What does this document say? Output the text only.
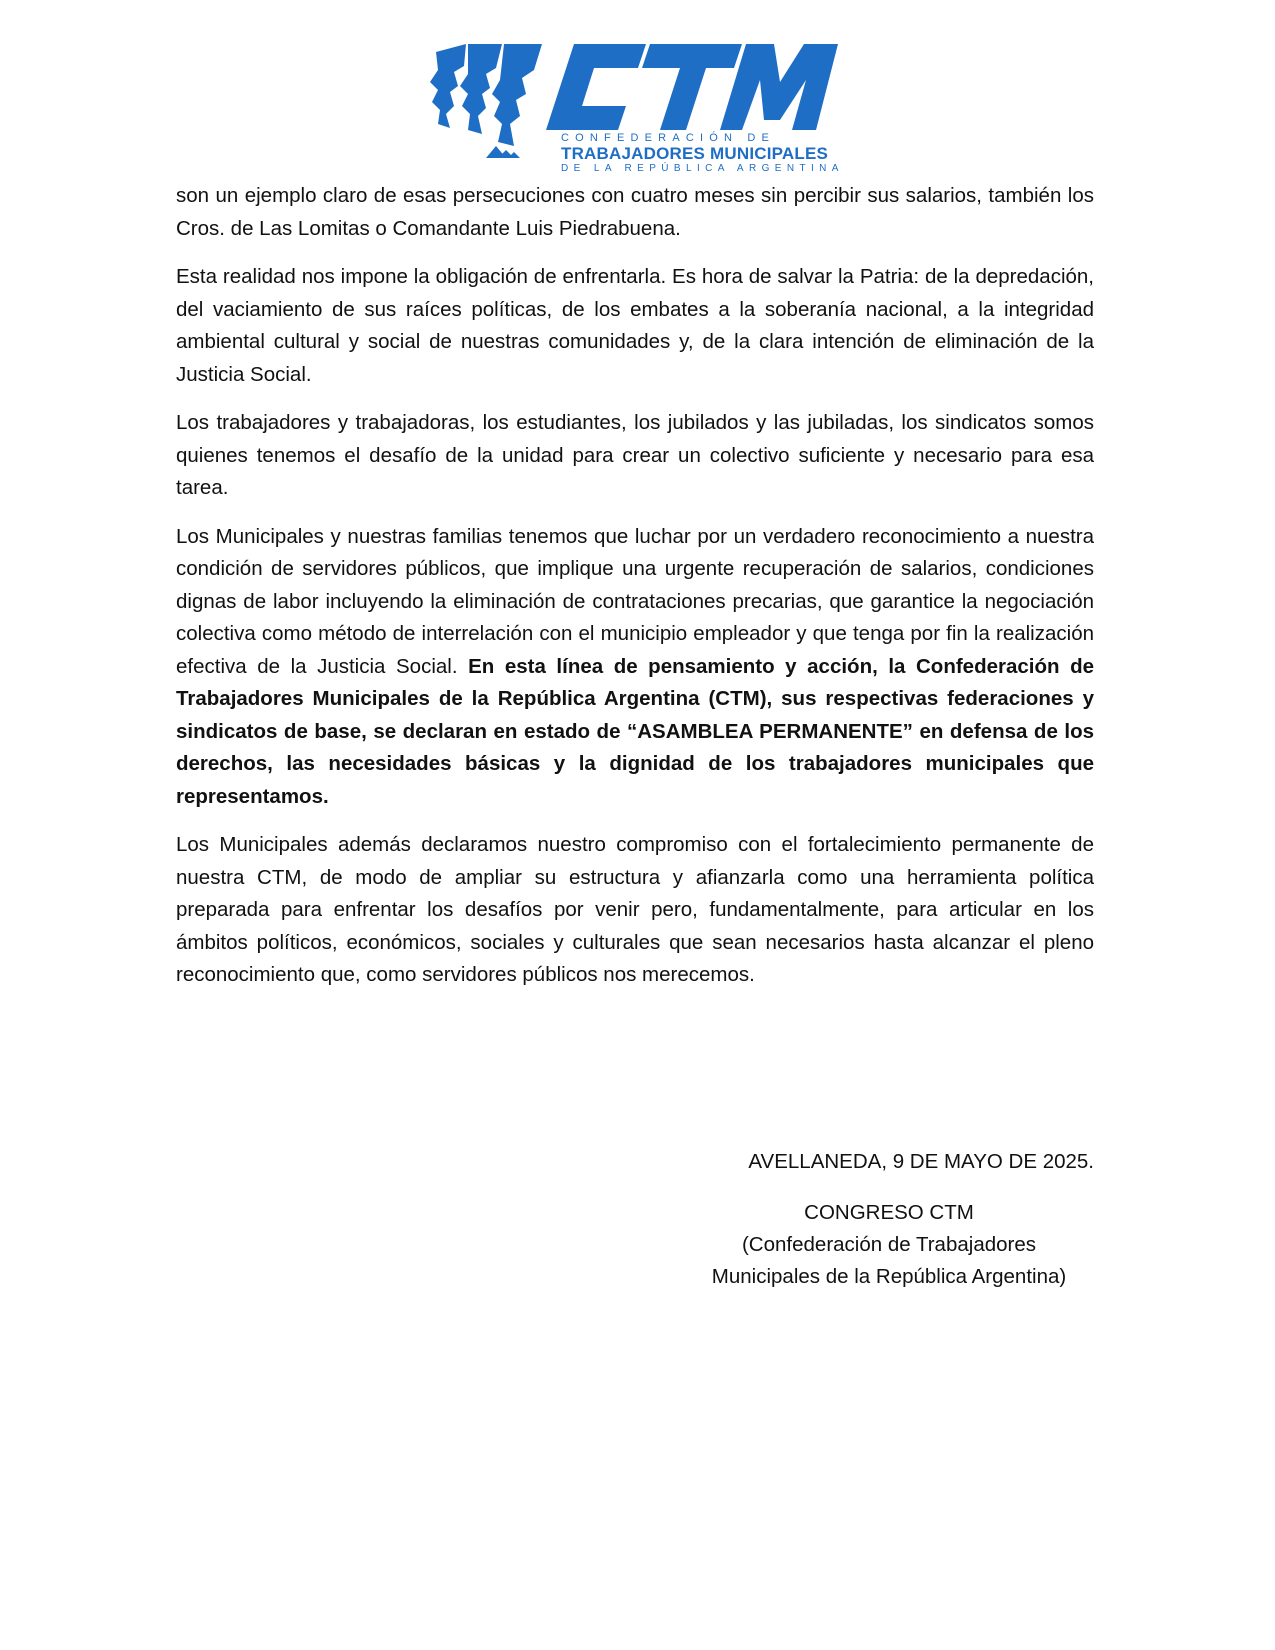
CONFEDERACIÓN DE
TRABAJADORES MUNICIPALES
DE LA REPÚBLICA ARGENTINA

son un ejemplo claro de esas persecuciones con cuatro meses sin percibir sus salarios, también los Cros. de Las Lomitas o Comandante Luis Piedrabuena.

Esta realidad nos impone la obligación de enfrentarla. Es hora de salvar la Patria: de la depredación, del vaciamiento de sus raíces políticas, de los embates a la soberanía nacional, a la integridad ambiental cultural y social de nuestras comunidades y, de la clara intención de eliminación de la Justicia Social.

Los trabajadores y trabajadoras, los estudiantes, los jubilados y las jubiladas, los sindicatos somos quienes tenemos el desafío de la unidad para crear un colectivo suficiente y necesario para esa tarea.

Los Municipales y nuestras familias tenemos que luchar por un verdadero reconocimiento a nuestra condición de servidores públicos, que implique una urgente recuperación de salarios, condiciones dignas de labor incluyendo la eliminación de contrataciones precarias, que garantice la negociación colectiva como método de interrelación con el municipio empleador y que tenga por fin la realización efectiva de la Justicia Social. En esta línea de pensamiento y acción, la Confederación de Trabajadores Municipales de la República Argentina (CTM), sus respectivas federaciones y sindicatos de base, se declaran en estado de “ASAMBLEA PERMANENTE” en defensa de los derechos, las necesidades básicas y la dignidad de los trabajadores municipales que representamos.

Los Municipales además declaramos nuestro compromiso con el fortalecimiento permanente de nuestra CTM, de modo de ampliar su estructura y afianzarla como una herramienta política preparada para enfrentar los desafíos por venir pero, fundamentalmente, para articular en los ámbitos políticos, económicos, sociales y culturales que sean necesarios hasta alcanzar el pleno reconocimiento que, como servidores públicos nos merecemos.

AVELLANEDA, 9 DE MAYO DE 2025.
CONGRESO CTM
(Confederación de Trabajadores
Municipales de la República Argentina)
